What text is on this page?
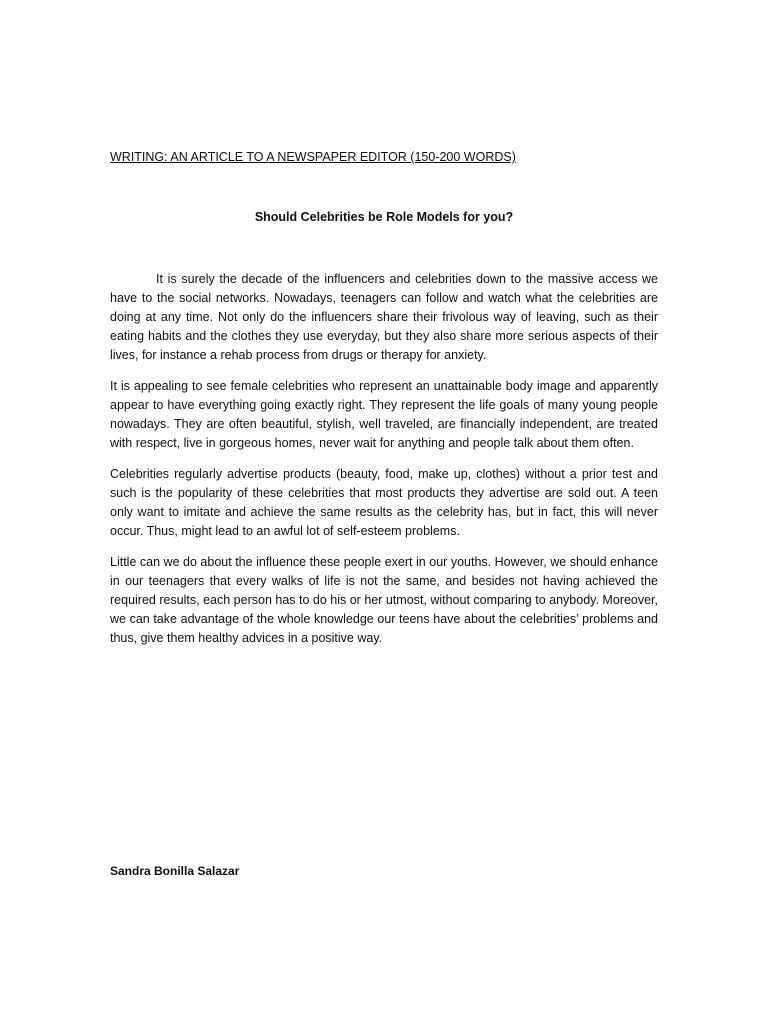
WRITING: AN ARTICLE TO A NEWSPAPER EDITOR (150-200 WORDS)
Should Celebrities be Role Models for you?

It is surely the decade of the influencers and celebrities down to the massive access we have to the social networks. Nowadays, teenagers can follow and watch what the celebrities are doing at any time. Not only do the influencers share their frivolous way of leaving, such as their eating habits and the clothes they use everyday, but they also share more serious aspects of their lives, for instance a rehab process from drugs or therapy for anxiety.

It is appealing to see female celebrities who represent an unattainable body image and apparently appear to have everything going exactly right. They represent the life goals of many young people nowadays. They are often beautiful, stylish, well traveled, are financially independent, are treated with respect, live in gorgeous homes, never wait for anything and people talk about them often.

Celebrities regularly advertise products (beauty, food, make up, clothes) without a prior test and such is the popularity of these celebrities that most products they advertise are sold out. A teen only want to imitate and achieve the same results as the celebrity has, but in fact, this will never occur. Thus, might lead to an awful lot of self-esteem problems.

Little can we do about the influence these people exert in our youths. However, we should enhance in our teenagers that every walks of life is not the same, and besides not having achieved the required results, each person has to do his or her utmost, without comparing to anybody. Moreover, we can take advantage of the whole knowledge our teens have about the celebrities’ problems and thus, give them healthy advices in a positive way.

Sandra Bonilla Salazar
